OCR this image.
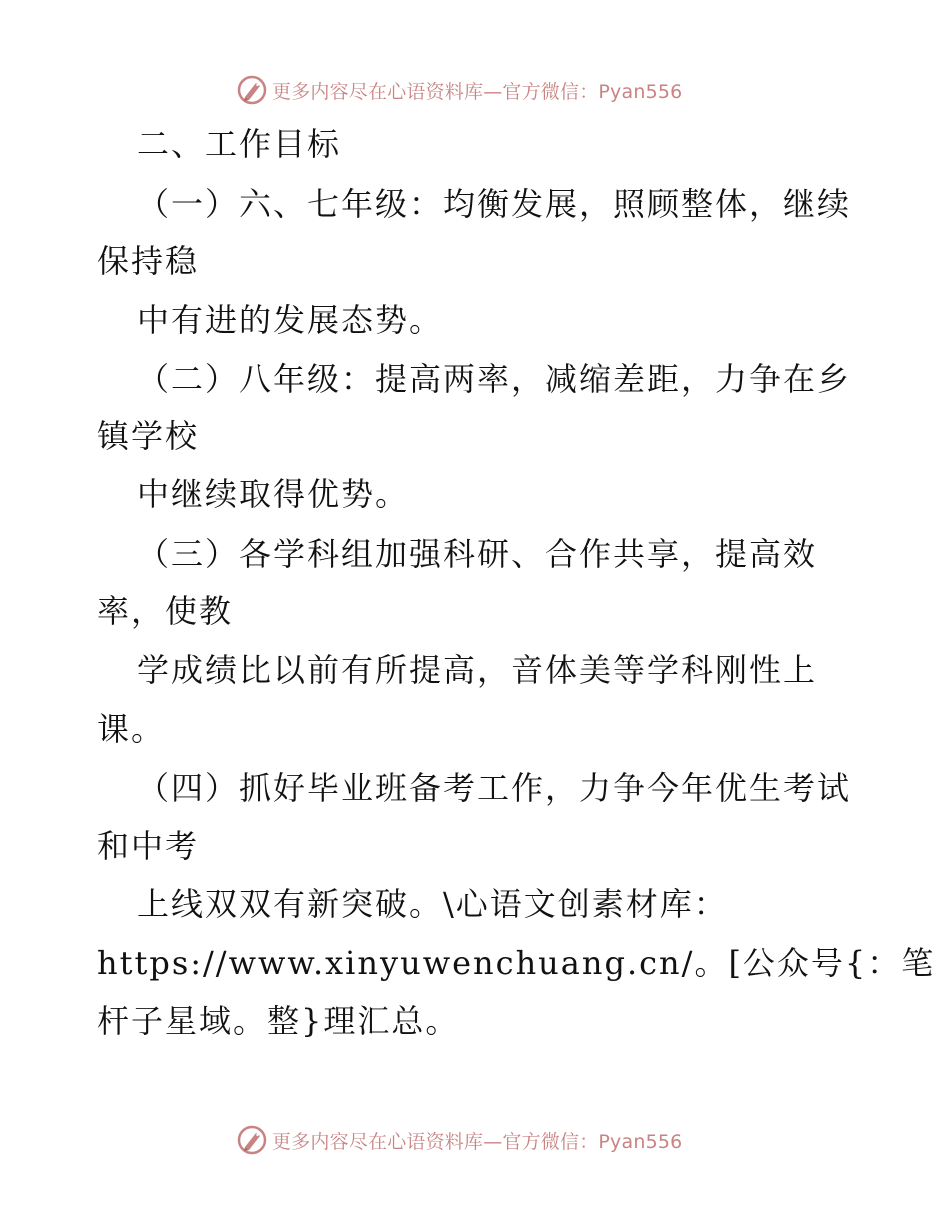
更多内容尽在心语资料库—官方微信：Pyan556
二、工作目标
（一）六、七年级：均衡发展，照顾整体，继续
保持稳
中有进的发展态势。
（二）八年级：提高两率，减缩差距，力争在乡
镇学校
中继续取得优势。
（三）各学科组加强科研、合作共享，提高效
率，使教
学成绩比以前有所提高，音体美等学科刚性上
课。
（四）抓好毕业班备考工作，力争今年优生考试
和中考
上线双双有新突破。\心语文创素材库：
https://www.xinyuwenchuang.cn/。[公众号{：笔
杆子星域。整}理汇总。
更多内容尽在心语资料库—官方微信：Pyan556
